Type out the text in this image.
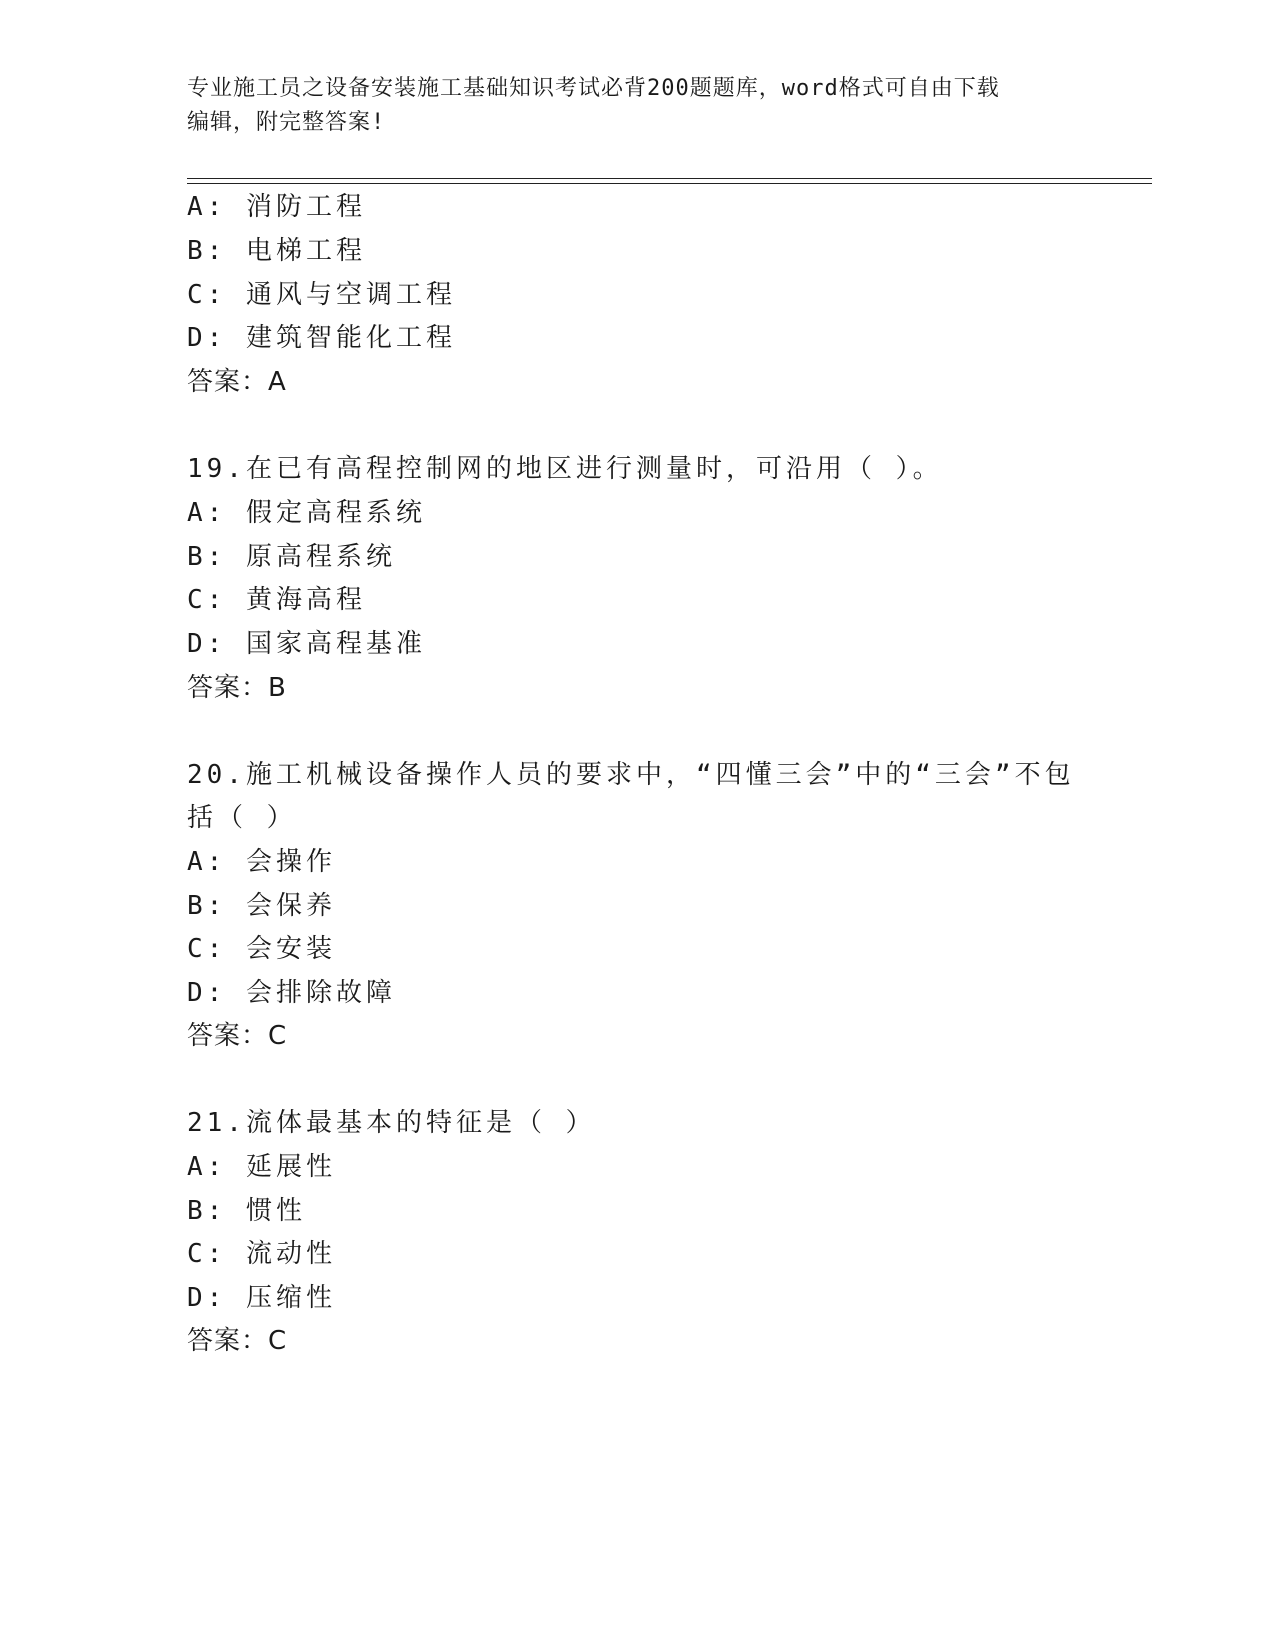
专业施工员之设备安装施工基础知识考试必背200题题库，word格式可自由下载
编辑，附完整答案!
A: 消防工程
B: 电梯工程
C: 通风与空调工程
D: 建筑智能化工程
答案：A
19.在已有高程控制网的地区进行测量时，可沿用（ ）。
A: 假定高程系统
B: 原高程系统
C: 黄海高程
D: 国家高程基准
答案：B
20.施工机械设备操作人员的要求中，“四懂三会”中的“三会”不包
括（ ）
A: 会操作
B: 会保养
C: 会安装
D: 会排除故障
答案：C
21.流体最基本的特征是（ ）
A: 延展性
B: 惯性
C: 流动性
D: 压缩性
答案：C
